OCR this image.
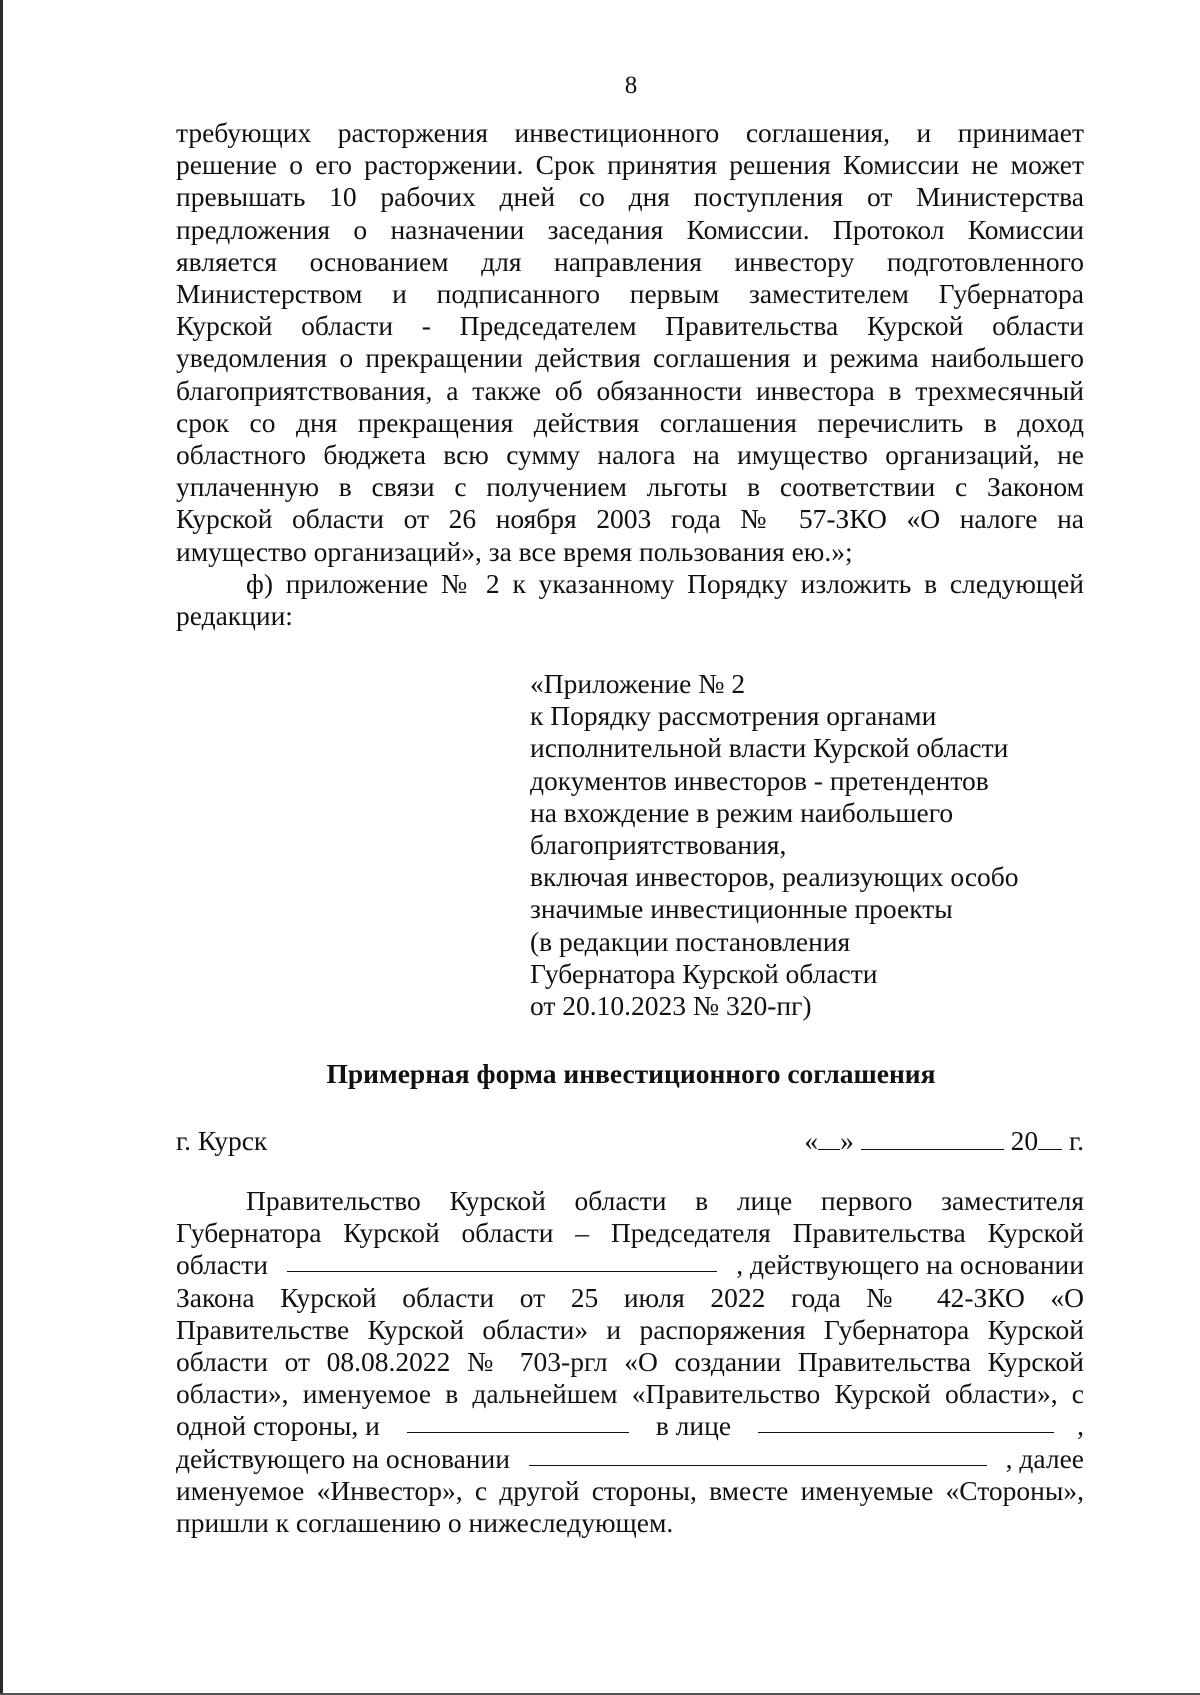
8
требующих расторжения инвестиционного соглашения, и принимает
решение о его расторжении. Срок принятия решения Комиссии не может
превышать 10 рабочих дней со дня поступления от Министерства
предложения о назначении заседания Комиссии. Протокол Комиссии
является основанием для направления инвестору подготовленного
Министерством и подписанного первым заместителем Губернатора
Курской области - Председателем Правительства Курской области
уведомления о прекращении действия соглашения и режима наибольшего
благоприятствования, а также об обязанности инвестора в трехмесячный
срок со дня прекращения действия соглашения перечислить в доход
областного бюджета всю сумму налога на имущество организаций, не
уплаченную в связи с получением льготы в соответствии с Законом
Курской области от 26 ноября 2003 года № 57-ЗКО «О налоге на
имущество организаций», за все время пользования ею.»;
ф) приложение № 2 к указанному Порядку изложить в следующей
редакции:
«Приложение № 2
к Порядку рассмотрения органами
исполнительной власти Курской области
документов инвесторов - претендентов
на вхождение в режим наибольшего
благоприятствования,
включая инвесторов, реализующих особо
значимые инвестиционные проекты
(в редакции постановления
Губернатора Курской области
от 20.10.2023 № 320-пг)
Примерная форма инвестиционного соглашения
г. Курск	« »	20 г.
Правительство Курской области в лице первого заместителя
Губернатора Курской области – Председателя Правительства Курской
области	, действующего на основании
Закона Курской области от 25 июля 2022 года № 42-ЗКО «О
Правительстве Курской области» и распоряжения Губернатора Курской
области от 08.08.2022 № 703-ргл «О создании Правительства Курской
области», именуемое в дальнейшем «Правительство Курской области», с
одной стороны, и	в лице	,
действующего на основании	, далее
именуемое «Инвестор», с другой стороны, вместе именуемые «Стороны»,
пришли к соглашению о нижеследующем.
